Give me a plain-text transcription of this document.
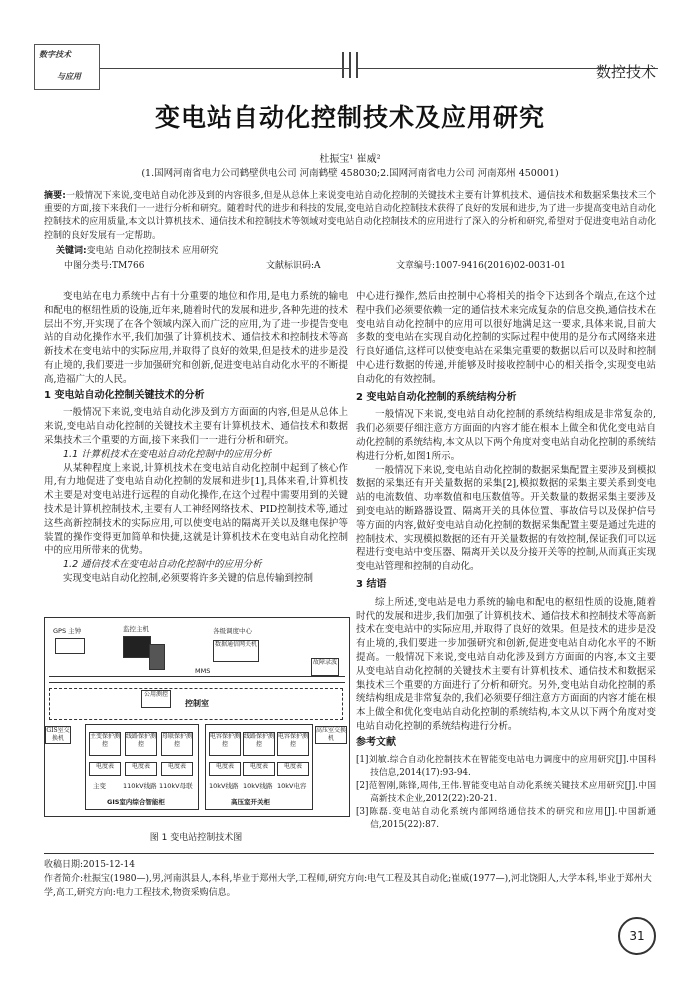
数字技术
与应用	数控技术
变电站自动化控制技术及应用研究
杜振宝¹ 崔威²
(1.国网河南省电力公司鹤壁供电公司 河南鹤壁 458030;2.国网河南省电力公司 河南郑州 450001)
摘要:一般情况下来说,变电站自动化涉及到的内容很多,但是从总体上来说变电站自动化控制的关键技术主要有计算机技术、通信技术和数据采集技术三个重要的方面,接下来我们一一进行分析和研究。随着时代的进步和科技的发展,变电站自动化控制技术获得了良好的发展和进步,为了进一步提高变电站自动化控制技术的应用质量,本文以计算机技术、通信技术和控制技术等领域对变电站自动化控制技术的应用进行了深入的分析和研究,希望对于促进变电站自动化控制的良好发展有一定帮助。
关键词:变电站 自动化控制技术 应用研究
中图分类号:TM766	文献标识码:A	文章编号:1007-9416(2016)02-0031-01

变电站在电力系统中占有十分重要的地位和作用,是电力系统的输电和配电的枢纽性质的设施,近年来,随着时代的发展和进步,各种先进的技术层出不穷,开实现了在各个领域内深入而广泛的应用,为了进一步提告变电站的自动化操作水平,我们加强了计算机技术、通信技术和控制技术等高新技术在变电站中的实际应用,并取得了良好的效果,但是技术的进步是没有止境的,我们要进一步加强研究和创新,促进变电站自动化水平的不断提高,造福广大的人民。

1 变电站自动化控制关键技术的分析

一般情况下来说,变电站自动化涉及到方方面面的内容,但是从总体上来说,变电站自动化控制的关键技术主要有计算机技术、通信技术和数据采集技术三个重要的方面,接下来我们一一进行分析和研究。

1.1 计算机技术在变电站自动化控制中的应用分析

从某种程度上来说,计算机技术在变电站自动化控制中起到了核心作用,有力地促进了变电站自动化控制的发展和进步[1],具体来看,计算机技术主要是对变电站进行远程的自动化操作,在这个过程中需要用到的关键技术是计算机控制技术,主要有人工神经网络技术、PID控制技术等,通过这些高新控制技术的实际应用,可以使变电站的隔离开关以及继电保护等装置的操作变得更加简单和快捷,这就是计算机技术在变电站自动化控制中的应用所带来的优势。

1.2 通信技术在变电站自动化控制中的应用分析

实现变电站自动化控制,必须要将许多关键的信息传输到控制

GPS 主钟	监控主机	各级调度中心
数据通信网关机
MMS
故障录波
公用测控
控制室
GIS室交换机
高压室交换机
主变保护测控
线路保护测控
母联保护测控
电容保护测控
线路保护测控
电容保护测控
电度表	电度表	电度表	电度表	电度表	电度表
主变	110kV线路 110kV母联	10kV线路 10kV线路 10kV电容
GIS室内综合智能柜	高压室开关柜
图 1 变电站控制技术图

中心进行操作,然后由控制中心将相关的指令下达到各个端点,在这个过程中我们必须要依赖一定的通信技术来完成复杂的信息交换,通信技术在变电站自动化控制中的应用可以很好地满足这一要求,具体来说,目前大多数的变电站在实现自动化控制的实际过程中使用的是分布式网络来进行良好通信,这样可以使变电站在采集完重要的数据以后可以及时和控制中心进行数据的传递,并能够及时接收控制中心的相关指令,实现变电站自动化的有效控制。

2 变电站自动化控制的系统结构分析

一般情况下来说,变电站自动化控制的系统结构组成是非常复杂的,我们必须要仔细注意方方面面的内容才能在根本上做全和优化变电站自动化控制的系统结构,本文从以下两个角度对变电站自动化控制的系统结构进行分析,如图1所示。

一般情况下来说,变电站自动化控制的数据采集配置主要涉及到模拟数据的采集还有开关量数据的采集[2],模拟数据的采集主要关系到变电站的电流数值、功率数值和电压数值等。开关数量的数据采集主要涉及到变电站的断路器设置、隔离开关的具体位置、事故信号以及保护信号等方面的内容,做好变电站自动化控制的数据采集配置主要是通过先进的控制技术、实现模拟数据的还有开关量数据的有效控制,保证我们可以远程进行变电站中变压器、隔离开关以及分接开关等的控制,从而真正实现变电站管理和控制的自动化。

3 结语

综上所述,变电站是电力系统的输电和配电的枢纽性质的设施,随着时代的发展和进步,我们加强了计算机技术、通信技术和控制技术等高新技术在变电站中的实际应用,并取得了良好的效果。但是技术的进步是没有止境的,我们要进一步加强研究和创新,促进变电站自动化水平的不断提高。一般情况下来说,变电站自动化涉及到方方面面的内容,本文主要从变电站自动化控制的关键技术主要有计算机技术、通信技术和数据采集技术三个重要的方面进行了分析和研究。另外,变电站自动化控制的系统结构组成是非常复杂的,我们必须要仔细注意方方面面的内容才能在根本上做全和优化变电站自动化控制的系统结构,本文从以下两个角度对变电站自动化控制的系统结构进行分析。

参考文献

[1]刘敏.综合自动化控制技术在智能变电站电力调度中的应用研究[J].中国科技信息,2014(17):93-94.

[2]范智刚,陈锋,周伟,王伟.智能变电站自动化系统关键技术应用研究[J].中国高新技术企业,2012(22):20-21.

[3]陈磊.变电站自动化系统内部网络通信技术的研究和应用[J].中国新通信,2015(22):87.

收稿日期:2015-12-14
作者简介:杜振宝(1980—),男,河南淇县人,本科,毕业于郑州大学,工程师,研究方向:电气工程及其自动化;崔威(1977—),河北饶阳人,大学本科,毕业于郑州大学,高工,研究方向:电力工程技术,物资采购信息。
31
